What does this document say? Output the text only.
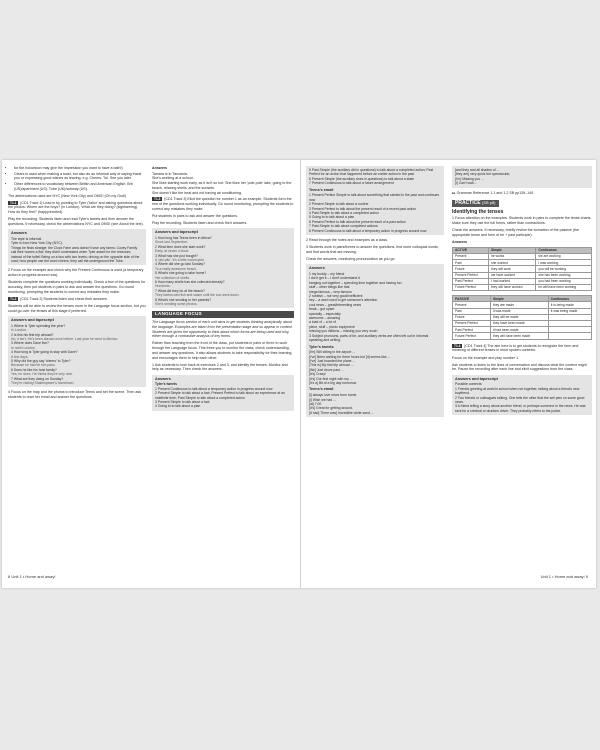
• for the holowtoon may give the impression you want to have a bath!)
• Clears is used when making a toast, but also as an informal way of saying thank you or expressing good wishes as leaving, e.g. Cheers. Ta!. See you later.
• Other differences to vocabulary between British and American English: Brit (US)/apartment (US), Tube (UK)/subway (US).

The abbreviations used are NYC (New York City) and OMG! (Oh my God!)

T1.1 [CD1 Track 1] Lead in by pointing to Tyler ('tailor' and asking questions about the photos: Where are the boys? (in London). What are they doing? (sightseeing). How do they feel? (happy/excited).

Play the recording. Students listen and read Tyler's tweets and then answer the questions. If necessary, check the abbreviations NYC and OMG! (see About the text).

Answers
The style is informal.
Tyler is from New York City (NYC).
Things he finds strange: the Clock Farm area doesn't have any farms; Covey Family call their homes a flat; they didn't understand when Tyler asked for the restroom; instead of the toilet! Being on a bus with two levels; driving on the opposite side of the road; how people use the word cheers; they call the underground the Tube.

2 Focus on the example and check why the Present Continuous is used (a temporary action in progress around now).

Students complete the questions working individually. Check a few of the questions for accuracy, then put students in pairs to ask and answer the questions. Go round monitoring, prompting the students to correct any mistakes they make.

T1.2 [CD1 Track 2] Students listen and check their answers.

Students will be able to review the tenses more in the Language focus section, but you could go over the tenses at this stage if preferred.

Answers and tapescript
1 Where is Tyler spending the year?
In London.
2 Is this his first trip abroad?
No, it isn't. He's been abroad once before. Last year he went to Mexico.
3 Where does Dave live?
In north London.
4 How long is Tyler going to stay with Dave?
A few days.
5 Why did the guy say 'cheers' to Tyler?
Because he had let him pass.
6 Does he like his host family?
Yes, he does. He thinks they're very nice.
7 What are they doing on Sunday?
They're visiting Shakespeare's hometown.

4 Focus on the map and the photos to introduce Teens and set the scene. Then ask students to read her email and answer the questions.

Answers

Tamara is in Tanzania.
She's working at a school.
She likes starting work early, as it isn't so hot. She likes her 'pole-pole' lake, going to the beach, relaxing shells, and the sunsets.
She doesn't like the heat and not having air conditioning.

T1.3 [CD1 Track 3] Elicit the question for number 1 as an example. Students form the rest of the questions working individually. Go round monitoring, prompting the students to correct any mistakes they make.

Put students in pairs to ask and answer the questions.

Play the recording. Students listen and check their answers.

Answers and tapescript
1 How long has Teens been in Africa?
Since last September.
2 What time does she start work?
Early, at seven o'clock.
3 What has she just bought?
A 'piki-piki'. It's a little motorcycle.
4 Where did she go last Sunday?
To a really awesome beach.
5 What's she going to take home?
Her collection of shells.
6 How many shells has she collected already?
Hundreds.
7 What did they do at the beach?
They barbecued fish and swam until the sun went down.
8 What's she sending to her parents?
She's sending some photos.
LANGUAGE FOCUS

The Language focus section of each unit aims to get students thinking analytically about the language. Examples are taken from the presentation stage and so appear in context. Students are given the opportunity to think about which forms are being used and why, either through a contrastive analysis of key forms.

Rather than teaching from the front of the class, put students in pairs or three to work through the Language focus. This frees you to monitor the class, check understanding, and answer any questions. It also allows students to take responsibility for their learning, and encourages them to help each other.

1 Ask students to look back at exercises 2 and 3, and identify the tenses. Monitor and help as necessary. Then check the answers.

Answers
Tyler's tweets
1 Present Continuous to talk about a temporary action in progress around now
2 Present Simple to talk about a fact; Present Perfect to talk about an experience at an indefinite time; Past Simple to talk about a completed action
3 Present Simple to talk about a fact
4 Going to to talk about a plan
5 Past Simple (the auxiliary did in questions) to talk about a completed action; Past Perfect for an action that happened before an earlier action in the past
6 Present Simple (the auxiliary does in questions) to talk about a state
7 Present Continuous to talk about a future arrangement
Teens's email
1 Present Perfect Simple to talk about something that started in the past and continues now
2 Present Simple to talk about a routine
3 Present Perfect to talk about the present result of a recent past action
4 Past Simple to talk about a completed action
5 Going to to talk about a plan
6 Present Perfect to talk about the present result of a past action
7 Past Simple to talk about completed actions
8 Present Continuous to talk about a temporary action in progress around now

2 Read through the notes and examples as a class.

3 Students work in pairs/threes to answer the questions, find more colloquial words, and find words that are missing.

Check the answers, monitoring pronunciation as you go.

Answers
1 my buddy – my friend
I don't get it – I don't understand it
hanging out together – spending time together and having fun
stuff – other things like that
mega famous – very famous
2 rubbish – not very good/inefficient
hey – a word used to get someone's attention
cool news – great/interesting news
freak – got upset
specially – especially
awesome – amazing
a load of – a lot of
piece, stuff – picnic equipment
missing you millions – missing you very much
3 Subject pronouns, parts of be, and auxiliary verbs are often left out in informal speaking and writing.
Tyler's tweets
[I'm] Still sitting in the airport ...
[I've] Been waiting for three hours but [it] seems like ...
[I've] Just boarded the plane ...
[This is] My first trip abroad ...
[We] Just drove past ...
[It's] Crazy!
[It's] Our first night with my ...
[It's a] Bit of a big day tomorrow
Teens's email
[I] always love news from home.
[I] Wish we had ...
[at] 7:00
[It's] Great for getting around.
[It had] There was] Incredible white sand ...
[and they and all shades of ...
[they are] very quick but spectacular,
[I'm] Missing you ...
[I] Can't wait ...

▸▸ Grammar Reference 1.1 and 1.2 SB pp139–140.

PRACTICE (SB p8)
Identifying the tenses

1 Focus attention on the examples. Students work in pairs to complete the tense charts. Make sure they use the full forms, rather than contractions.

Check the answers. If necessary, briefly review the formation of the passive (the appropriate tense and form of be + past participle).

Answers

ACTIVE	Simple	Continuous
Present	he works	we are working
Past	she worked	I was working
Future	they will work	you will be working
Present Perfect	we have worked	she has been working
Past Perfect	I had worked	you had been working
Future Perfect	they will have worked	he will have been working
PASSIVE	Simple	Continuous
Present	they are made	it is being made
Past	it was made	it was being made
Future	they will be made	
Present Perfect	they have been made	
Past Perfect	it had been made	
Future Perfect	they will have been made	

T1.4 [CD1 Track 4] The aim here is to get students to recognize the form and meaning of different tenses in short spoken contexts.

Focus on the example and play number 1.

Ask students to listen to the lines of conversation and discuss what the context might be. Pause the recording after each line and elicit suggestions from the class.

Answers and tapescript
Possible contexts:
1 Friends greeting at work/in school when not together, talking about a friend's new boyfriend.
2 Two friends or colleagues talking. One tells the other that the sell pies on some good news.
3 A friend telling a story about another friend, or perhaps someone in the news. He was sent for a criminal or drunken driver. They probably refers to the police.
8 Unit 1 • Home and away!	Unit 1 • Home and away! 9
